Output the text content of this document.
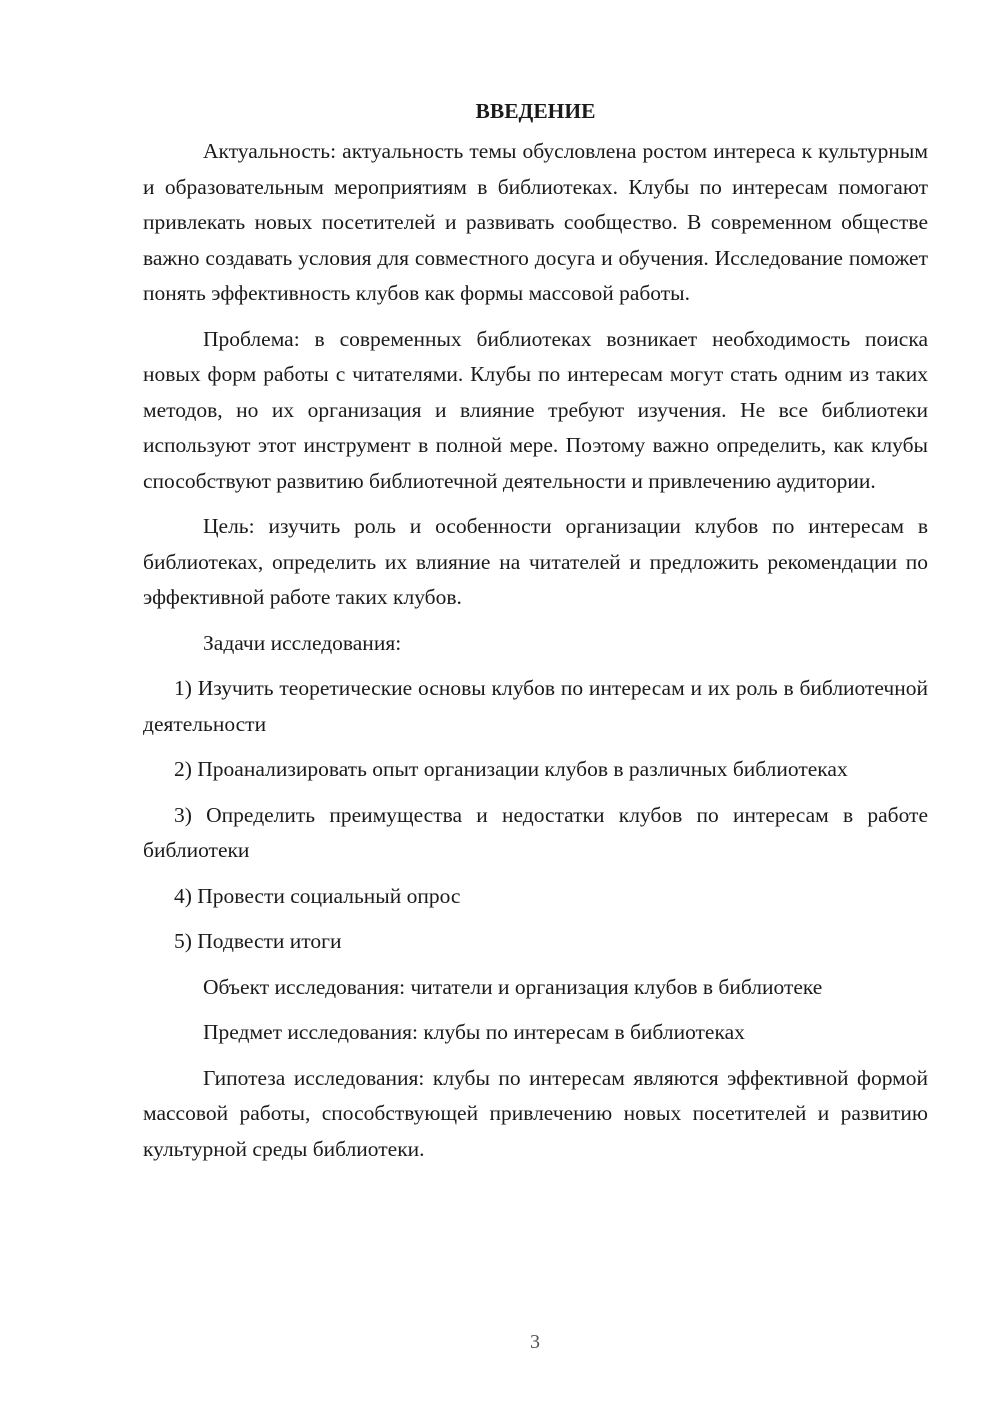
ВВЕДЕНИЕ

Актуальность: актуальность темы обусловлена ростом интереса к культурным и образовательным мероприятиям в библиотеках. Клубы по интересам помогают привлекать новых посетителей и развивать сообщество. В современном обществе важно создавать условия для совместного досуга и обучения. Исследование поможет понять эффективность клубов как формы массовой работы.

Проблема: в современных библиотеках возникает необходимость поиска новых форм работы с читателями. Клубы по интересам могут стать одним из таких методов, но их организация и влияние требуют изучения. Не все библиотеки используют этот инструмент в полной мере. Поэтому важно определить, как клубы способствуют развитию библиотечной деятельности и привлечению аудитории.

Цель: изучить роль и особенности организации клубов по интересам в библиотеках, определить их влияние на читателей и предложить рекомендации по эффективной работе таких клубов.

Задачи исследования:

1) Изучить теоретические основы клубов по интересам и их роль в библиотечной деятельности

2) Проанализировать опыт организации клубов в различных библиотеках

3) Определить преимущества и недостатки клубов по интересам в работе библиотеки

4) Провести социальный опрос

5) Подвести итоги

Объект исследования: читатели и организация клубов в библиотеке

Предмет исследования: клубы по интересам в библиотеках

Гипотеза исследования: клубы по интересам являются эффективной формой массовой работы, способствующей привлечению новых посетителей и развитию культурной среды библиотеки.

3
